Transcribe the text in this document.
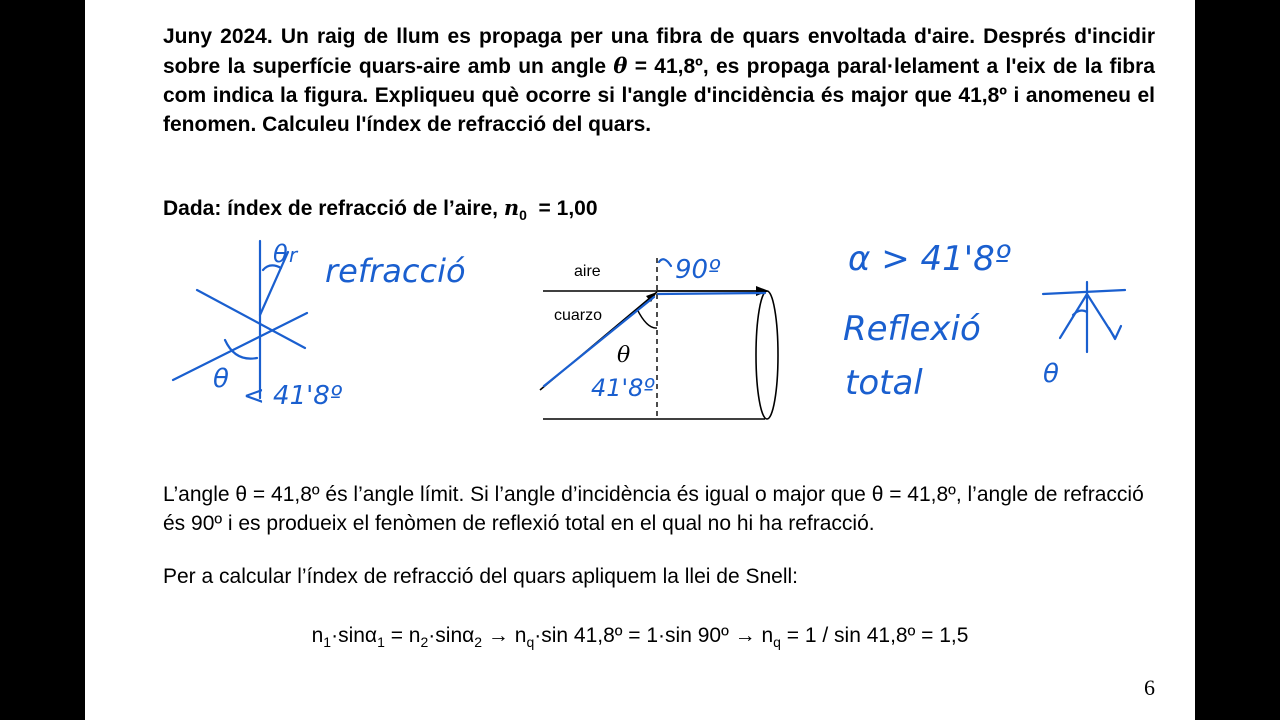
Juny 2024. Un raig de llum es propaga per una fibra de quars envoltada d'aire. Després d'incidir sobre la superfície quars-aire amb un angle θ = 41,8º, es propaga paral·lelament a l'eix de la fibra com indica la figura. Expliqueu què ocorre si l'angle d'incidència és major que 41,8º i anomeneu el fenomen. Calculeu l'índex de refracció del quars.

Dada: índex de refracció de l’aire, $n_0 = 1,00$

aire
cuarzo
θ
90º
41'8º
θ r refracció
θ
< 41'8º
α > 41'8º
Reflexió
total	θ

L’angle θ = 41,8º és l’angle límit. Si l’angle d’incidència és igual o major que θ = 41,8º, l’angle de refracció és 90º i es produeix el fenòmen de reflexió total en el qual no hi ha refracció.

Per a calcular l’índex de refracció del quars apliquem la llei de Snell:

$n_1\cdot\sin\alpha_1 = n_2\cdot\sin\alpha_2 \to n_q\cdot\sin$ 41,8º = 1·sin 90º → $n_q = 1 / \sin$ 41,8º = 1,5

6
